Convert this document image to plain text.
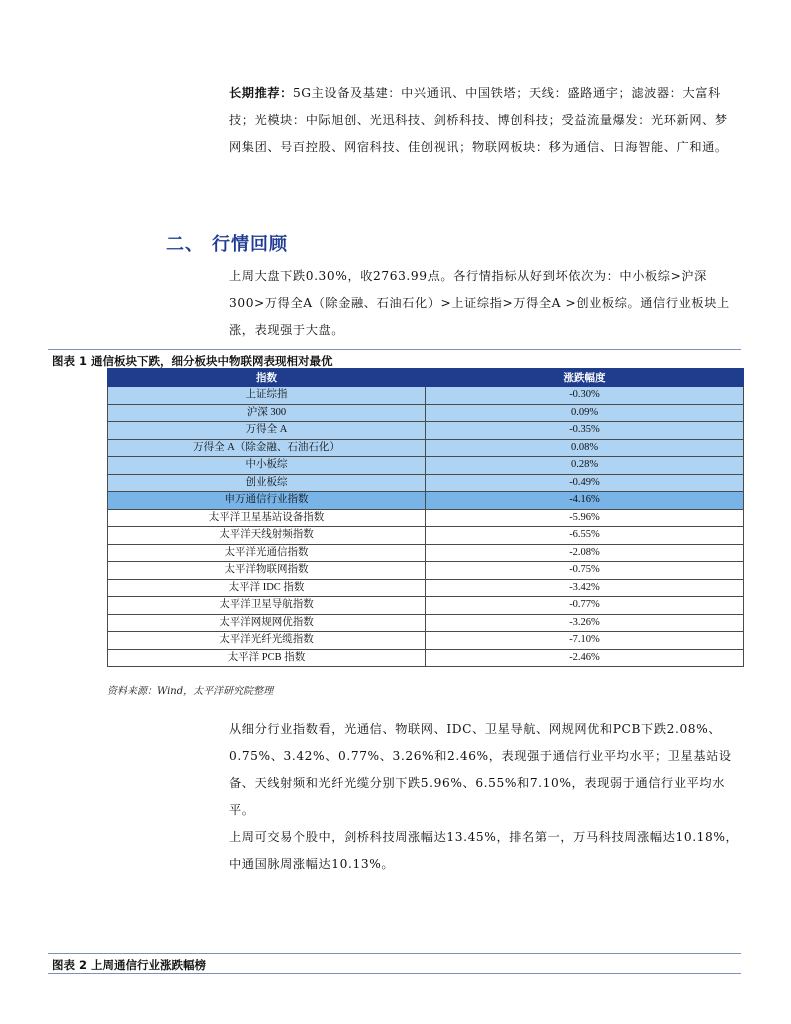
长期推荐：5G主设备及基建：中兴通讯、中国铁塔；天线：盛路通宇；滤波器：大富科技；光模块：中际旭创、光迅科技、剑桥科技、博创科技；受益流量爆发：光环新网、梦网集团、号百控股、网宿科技、佳创视讯；物联网板块：移为通信、日海智能、广和通。

二、 行情回顾

上周大盘下跌0.30%，收2763.99点。各行情指标从好到坏依次为：中小板综>沪深300>万得全A（除金融、石油石化）>上证综指>万得全A >创业板综。通信行业板块上涨，表现强于大盘。

图表 1 通信板块下跌，细分板块中物联网表现相对最优
指数	涨跌幅度
上证综指	-0.30%
沪深 300	0.09%
万得全 A	-0.35%
万得全 A（除金融、石油石化）	0.08%
中小板综	0.28%
创业板综	-0.49%
申万通信行业指数	-4.16%
太平洋卫星基站设备指数	-5.96%
太平洋天线射频指数	-6.55%
太平洋光通信指数	-2.08%
太平洋物联网指数	-0.75%
太平洋 IDC 指数	-3.42%
太平洋卫星导航指数	-0.77%
太平洋网规网优指数	-3.26%
太平洋光纤光缆指数	-7.10%
太平洋 PCB 指数	-2.46%
资料来源：Wind，太平洋研究院整理

从细分行业指数看，光通信、物联网、IDC、卫星导航、网规网优和PCB下跌2.08%、0.75%、3.42%、0.77%、3.26%和2.46%，表现强于通信行业平均水平；卫星基站设备、天线射频和光纤光缆分别下跌5.96%、6.55%和7.10%，表现弱于通信行业平均水平。

上周可交易个股中，剑桥科技周涨幅达13.45%，排名第一，万马科技周涨幅达10.18%，中通国脉周涨幅达10.13%。

图表 2 上周通信行业涨跌幅榜
